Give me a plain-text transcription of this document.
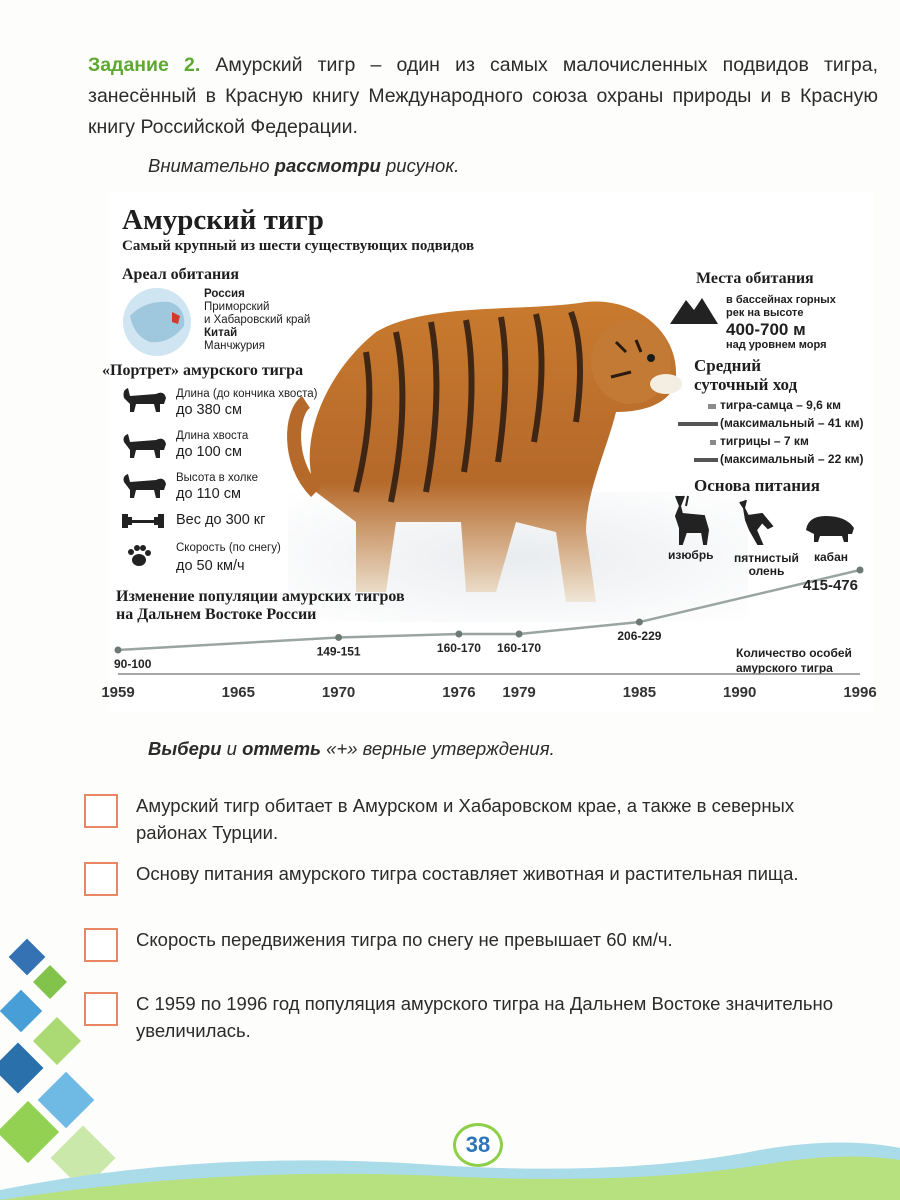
Задание 2. Амурский тигр – один из самых малочисленных подвидов тигра, занесённый в Красную книгу Международного союза охраны природы и в Красную книгу Российской Федерации.
Внимательно рассмотри рисунок.
Амурский тигр
Самый крупный из шести существующих подвидов
Ареал обитания
Россия
Приморский
и Хабаровский край
Китай
Манчжурия
«Портрет» амурского тигра
Длина (до кончика хвоста)
до 380 см
Длина хвоста
до 100 см
Высота в холке
до 110 см
Вес до 300 кг
Скорость (по снегу)
до 50 км/ч
Места обитания
в бассейнах горных
рек на высоте
400-700 м
над уровнем моря
Средний
суточный ход
тигра-самца – 9,6 км
(максимальный – 41 км)
тигрицы – 7 км
(максимальный – 22 км)
Основа питания
изюбрь пятнистый
олень
кабан
Изменение популяции амурских тигров
на Дальнем Востоке России
Количество особей
амурского тигра
1959	1965	1970	1976 1979	1985	1990	1996
90-100
149-151	160-170 160-170
206-229
415-476
Выбери и отметь «+» верные утверждения.
Амурский тигр обитает в Амурском и Хабаровском крае, а также в северных районах Турции.
Основу питания амурского тигра составляет животная и растительная пища.
Скорость передвижения тигра по снегу не превышает 60 км/ч.
С 1959 по 1996 год популяция амурского тигра на Дальнем Востоке значительно увеличилась.
38
